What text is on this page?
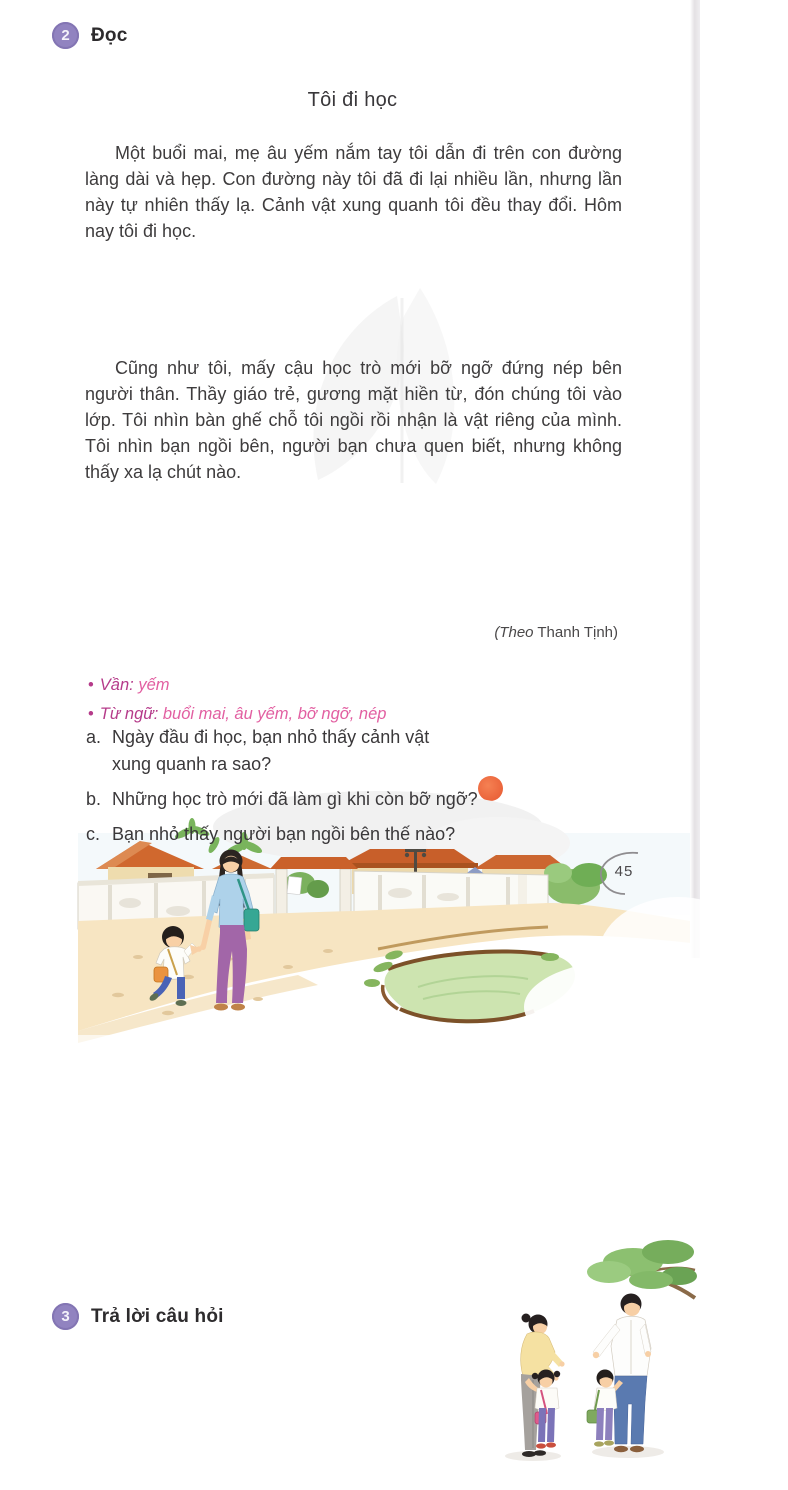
2	Đọc
Tôi đi học

Một buổi mai, mẹ âu yếm nắm tay tôi dẫn đi trên con đường làng dài và hẹp. Con đường này tôi đã đi lại nhiều lần, nhưng lần này tự nhiên thấy lạ. Cảnh vật xung quanh tôi đều thay đổi. Hôm nay tôi đi học.

Cũng như tôi, mấy cậu học trò mới bỡ ngỡ đứng nép bên người thân. Thầy giáo trẻ, gương mặt hiền từ, đón chúng tôi vào lớp. Tôi nhìn bàn ghế chỗ tôi ngồi rồi nhận là vật riêng của mình. Tôi nhìn bạn ngồi bên, người bạn chưa quen biết, nhưng không thấy xa lạ chút nào.

(Theo Thanh Tịnh)
• Vần: yếm
• Từ ngữ: buổi mai, âu yếm, bỡ ngỡ, nép
3	Trả lời câu hỏi
a. Ngày đầu đi học, bạn nhỏ thấy cảnh vật
xung quanh ra sao?
b. Những học trò mới đã làm gì khi còn bỡ ngỡ?
c. Bạn nhỏ thấy người bạn ngồi bên thế nào?
45
